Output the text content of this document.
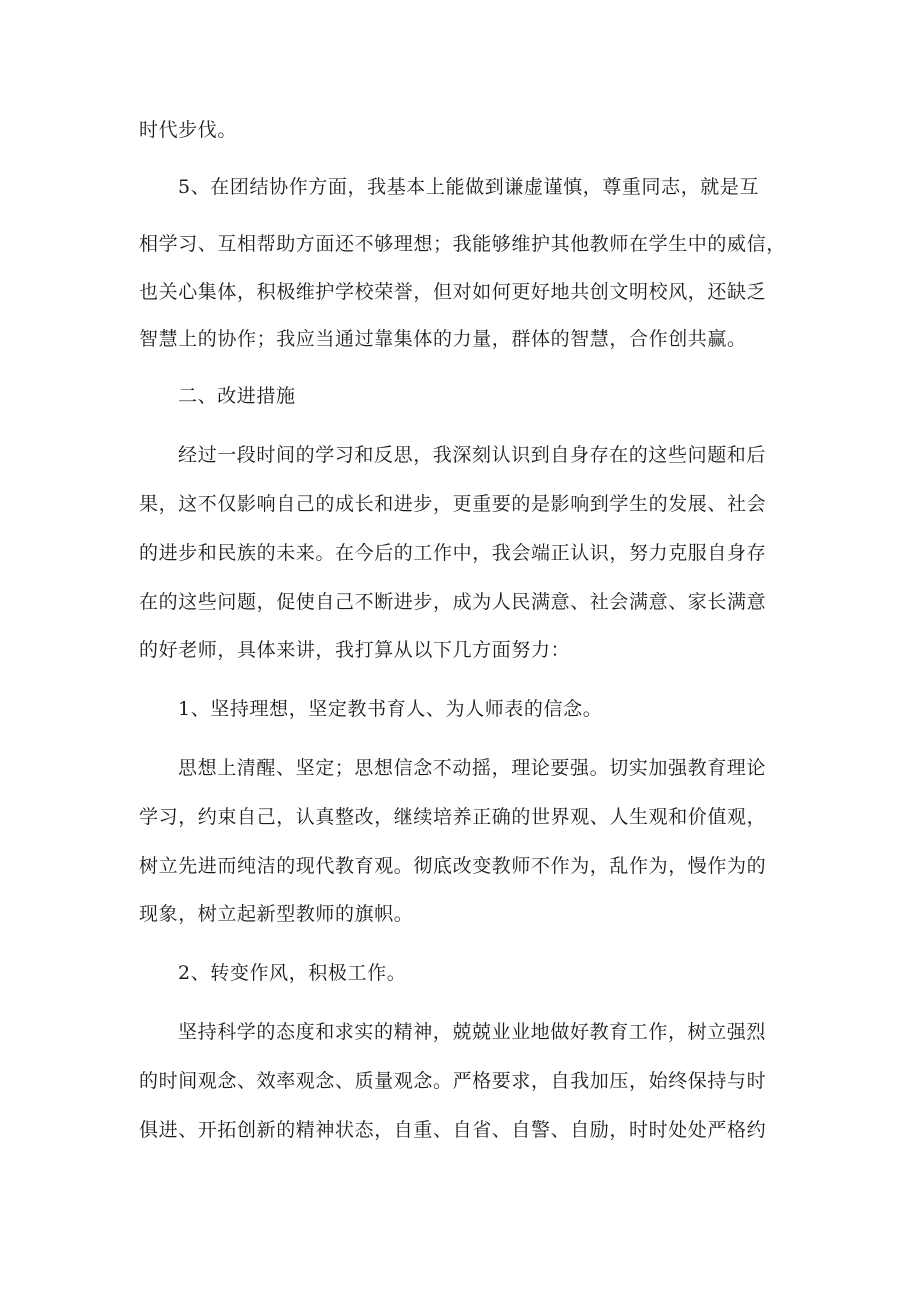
时代步伐。
5、在团结协作方面，我基本上能做到谦虚谨慎，尊重同志，就是互
相学习、互相帮助方面还不够理想；我能够维护其他教师在学生中的威信，
也关心集体，积极维护学校荣誉，但对如何更好地共创文明校风，还缺乏
智慧上的协作；我应当通过靠集体的力量，群体的智慧，合作创共赢。
二、改进措施
经过一段时间的学习和反思，我深刻认识到自身存在的这些问题和后
果，这不仅影响自己的成长和进步，更重要的是影响到学生的发展、社会
的进步和民族的未来。在今后的工作中，我会端正认识，努力克服自身存
在的这些问题，促使自己不断进步，成为人民满意、社会满意、家长满意
的好老师，具体来讲，我打算从以下几方面努力：
1、坚持理想，坚定教书育人、为人师表的信念。
思想上清醒、坚定；思想信念不动摇，理论要强。切实加强教育理论
学习，约束自己，认真整改，继续培养正确的世界观、人生观和价值观，
树立先进而纯洁的现代教育观。彻底改变教师不作为，乱作为，慢作为的
现象，树立起新型教师的旗帜。
2、转变作风，积极工作。
坚持科学的态度和求实的精神，兢兢业业地做好教育工作，树立强烈
的时间观念、效率观念、质量观念。严格要求，自我加压，始终保持与时
俱进、开拓创新的精神状态，自重、自省、自警、自励，时时处处严格约
